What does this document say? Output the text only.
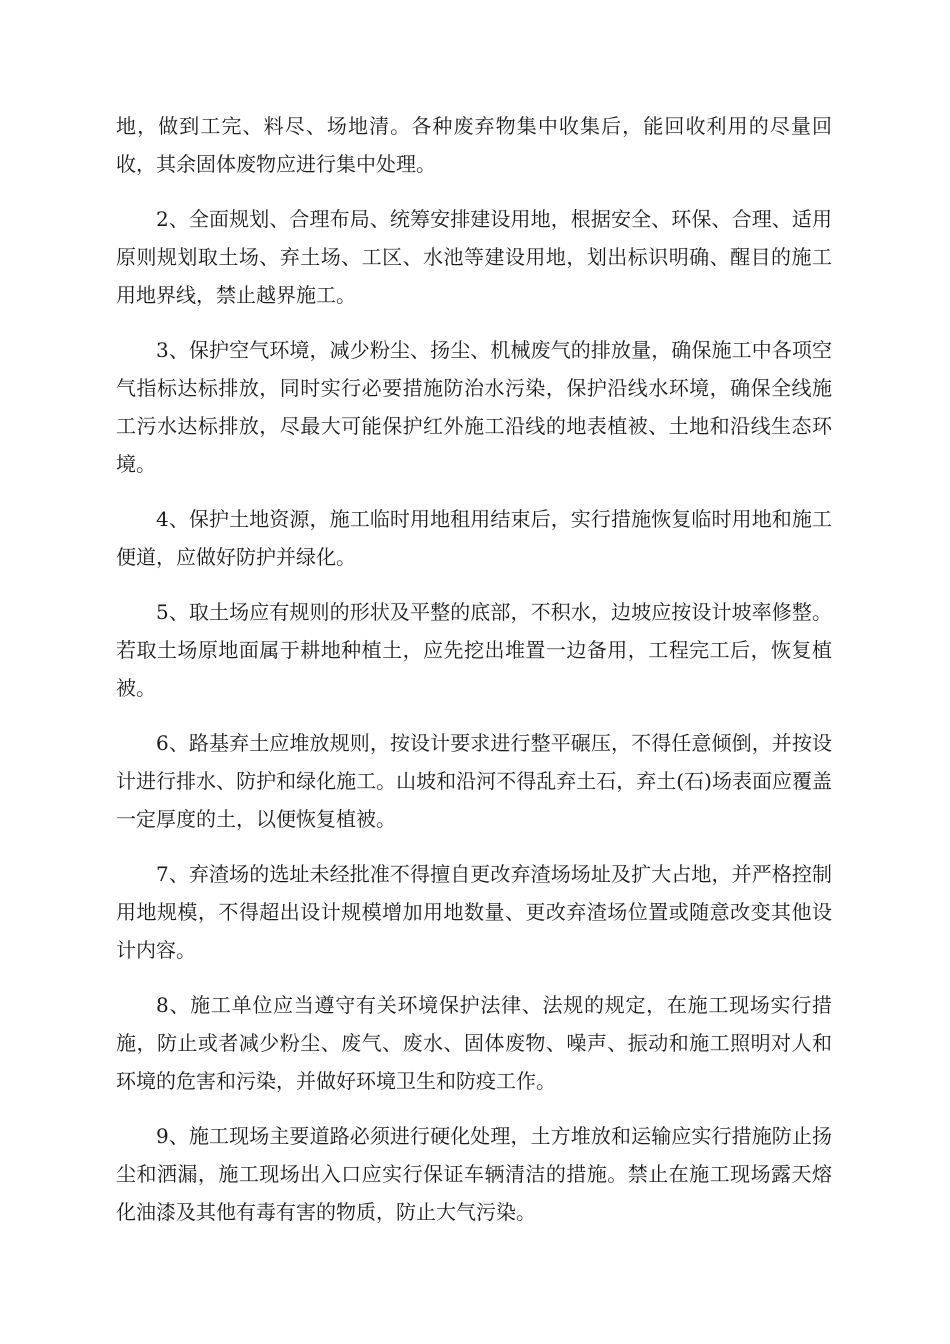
地，做到工完、料尽、场地清。各种废弃物集中收集后，能回收利用的尽量回收，其余固体废物应进行集中处理。

2、全面规划、合理布局、统筹安排建设用地，根据安全、环保、合理、适用原则规划取土场、弃土场、工区、水池等建设用地，划出标识明确、醒目的施工用地界线，禁止越界施工。

3、保护空气环境，减少粉尘、扬尘、机械废气的排放量，确保施工中各项空气指标达标排放，同时实行必要措施防治水污染，保护沿线水环境，确保全线施工污水达标排放，尽最大可能保护红外施工沿线的地表植被、土地和沿线生态环境。

4、保护土地资源，施工临时用地租用结束后，实行措施恢复临时用地和施工便道，应做好防护并绿化。

5、取土场应有规则的形状及平整的底部，不积水，边坡应按设计坡率修整。若取土场原地面属于耕地种植土，应先挖出堆置一边备用，工程完工后，恢复植被。

6、路基弃土应堆放规则，按设计要求进行整平碾压，不得任意倾倒，并按设计进行排水、防护和绿化施工。山坡和沿河不得乱弃土石，弃土(石)场表面应覆盖一定厚度的土，以便恢复植被。

7、弃渣场的选址未经批准不得擅自更改弃渣场场址及扩大占地，并严格控制用地规模，不得超出设计规模增加用地数量、更改弃渣场位置或随意改变其他设计内容。

8、施工单位应当遵守有关环境保护法律、法规的规定，在施工现场实行措施，防止或者减少粉尘、废气、废水、固体废物、噪声、振动和施工照明对人和环境的危害和污染，并做好环境卫生和防疫工作。

9、施工现场主要道路必须进行硬化处理，土方堆放和运输应实行措施防止扬尘和洒漏，施工现场出入口应实行保证车辆清洁的措施。禁止在施工现场露天熔化油漆及其他有毒有害的物质，防止大气污染。
